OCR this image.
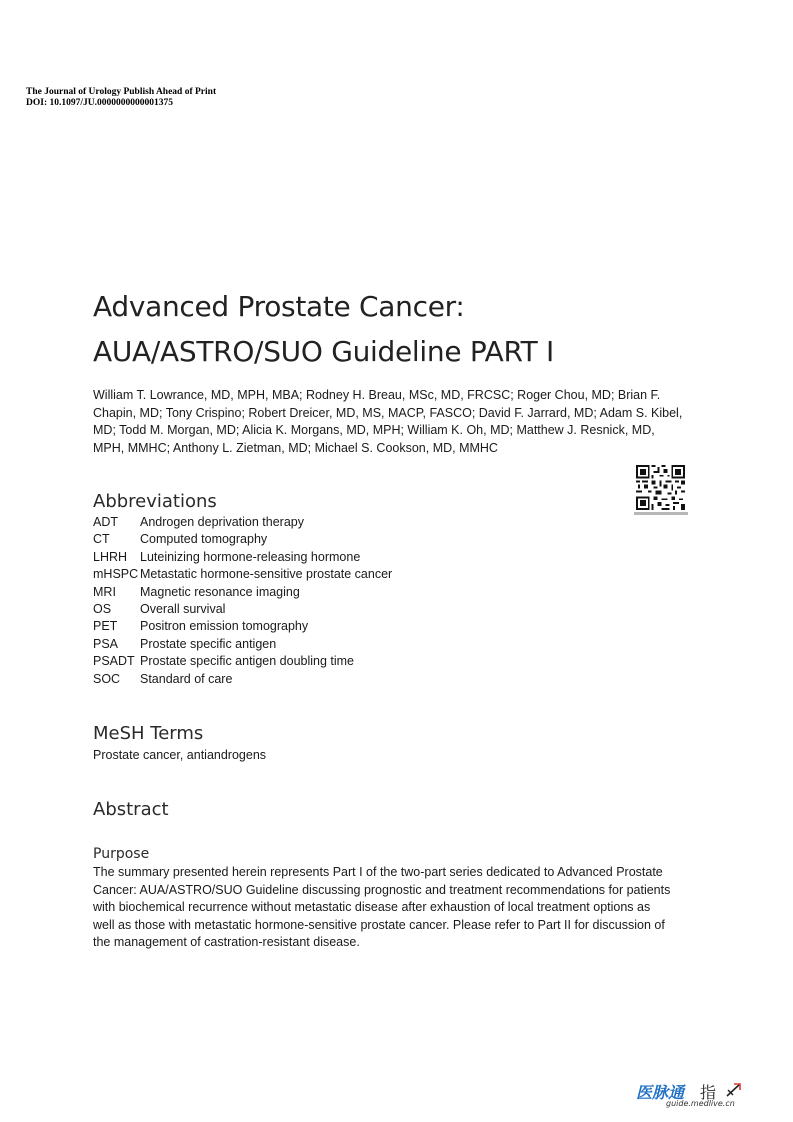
The Journal of Urology Publish Ahead of Print
DOI: 10.1097/JU.0000000000001375
Advanced Prostate Cancer:
AUA/ASTRO/SUO Guideline PART I
William T. Lowrance, MD, MPH, MBA; Rodney H. Breau, MSc, MD, FRCSC; Roger Chou, MD; Brian F.
Chapin, MD; Tony Crispino; Robert Dreicer, MD, MS, MACP, FASCO; David F. Jarrard, MD; Adam S. Kibel,
MD; Todd M. Morgan, MD; Alicia K. Morgans, MD, MPH; William K. Oh, MD; Matthew J. Resnick, MD,
MPH, MMHC; Anthony L. Zietman, MD; Michael S. Cookson, MD, MMHC
Abbreviations
ADT	Androgen deprivation therapy
CT	Computed tomography
LHRH	Luteinizing hormone-releasing hormone
mHSPC Metastatic hormone-sensitive prostate cancer
MRI	Magnetic resonance imaging
OS	Overall survival
PET	Positron emission tomography
PSA	Prostate specific antigen
PSADT Prostate specific antigen doubling time
SOC	Standard of care
MeSH Terms
Prostate cancer, antiandrogens
Abstract
Purpose
The summary presented herein represents Part I of the two-part series dedicated to Advanced Prostate
Cancer: AUA/ASTRO/SUO Guideline discussing prognostic and treatment recommendations for patients
with biochemical recurrence without metastatic disease after exhaustion of local treatment options as
well as those with metastatic hormone-sensitive prostate cancer. Please refer to Part II for discussion of
the management of castration-resistant disease.
医脉通 指
guide.medlive.cn
